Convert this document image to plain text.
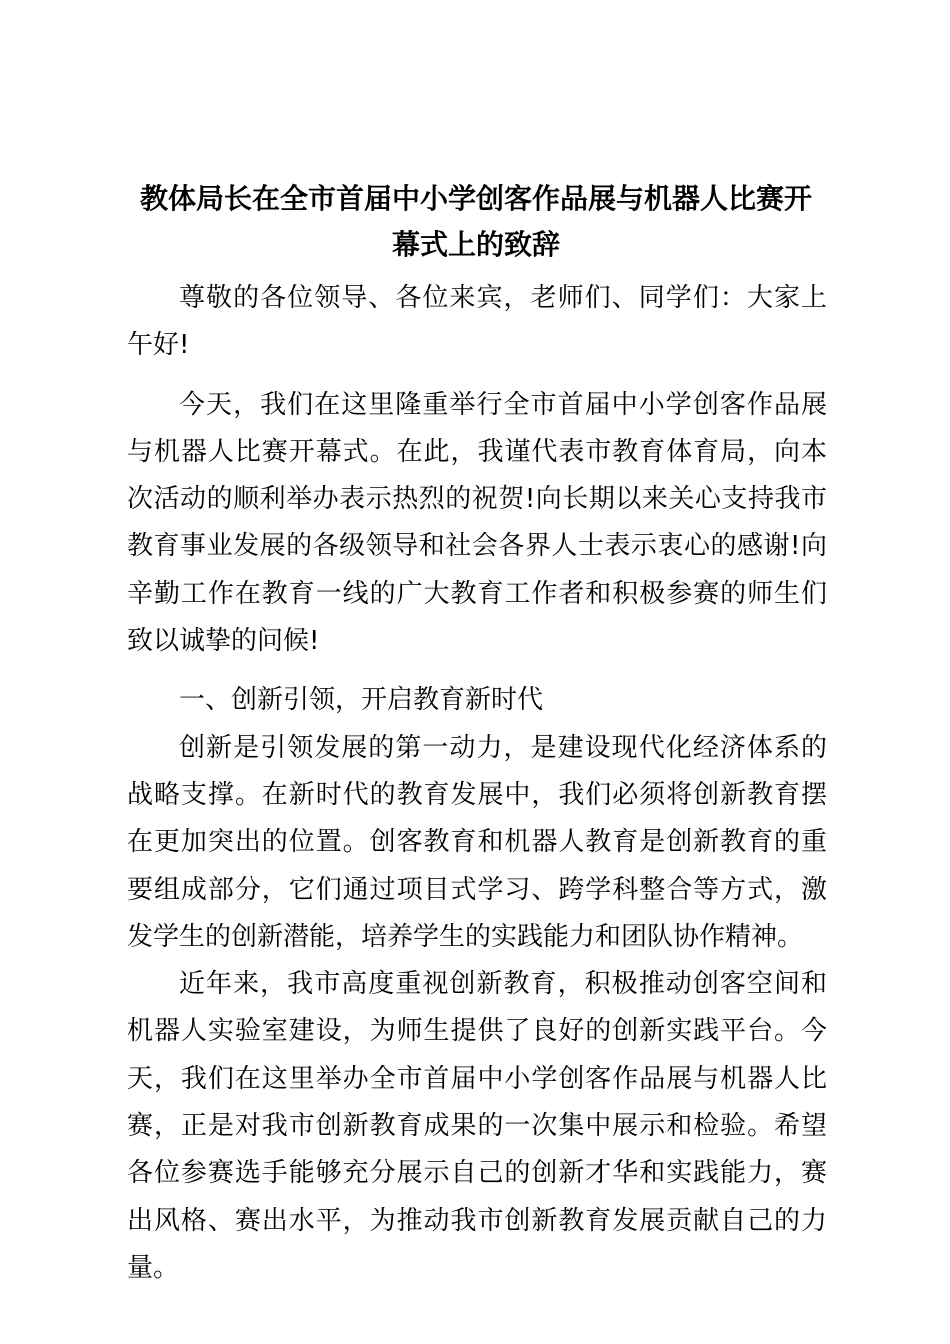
教体局长在全市首届中小学创客作品展与机器人比赛开
幕式上的致辞

尊敬的各位领导、各位来宾，老师们、同学们：大家上午好!

今天，我们在这里隆重举行全市首届中小学创客作品展与机器人比赛开幕式。在此，我谨代表市教育体育局，向本次活动的顺利举办表示热烈的祝贺!向长期以来关心支持我市教育事业发展的各级领导和社会各界人士表示衷心的感谢!向辛勤工作在教育一线的广大教育工作者和积极参赛的师生们致以诚挚的问候!

一、创新引领，开启教育新时代

创新是引领发展的第一动力，是建设现代化经济体系的战略支撑。在新时代的教育发展中，我们必须将创新教育摆在更加突出的位置。创客教育和机器人教育是创新教育的重要组成部分，它们通过项目式学习、跨学科整合等方式，激发学生的创新潜能，培养学生的实践能力和团队协作精神。

近年来，我市高度重视创新教育，积极推动创客空间和机器人实验室建设，为师生提供了良好的创新实践平台。今天，我们在这里举办全市首届中小学创客作品展与机器人比赛，正是对我市创新教育成果的一次集中展示和检验。希望各位参赛选手能够充分展示自己的创新才华和实践能力，赛出风格、赛出水平，为推动我市创新教育发展贡献自己的力量。
